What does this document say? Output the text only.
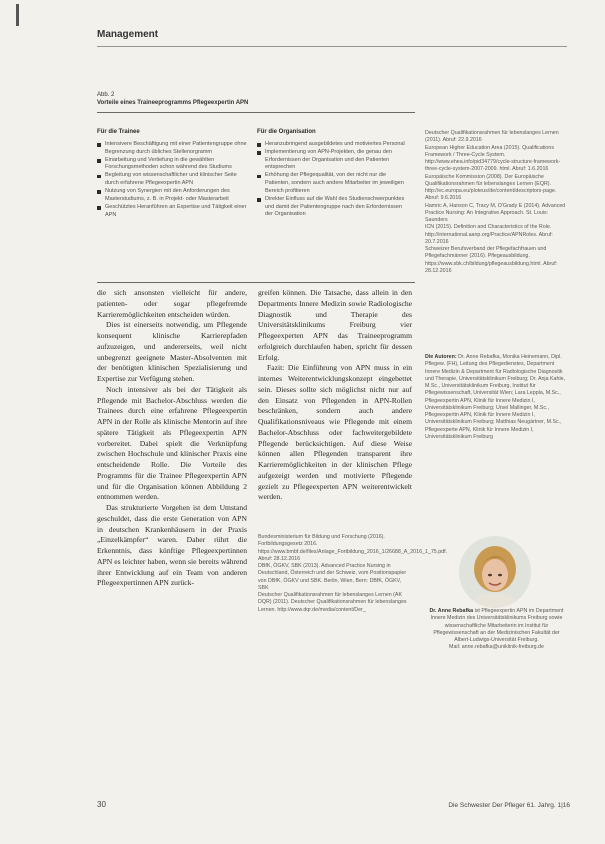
Management
Abb. 2
Vorteile eines Traineeprogramms Pflegeexpertin APN
Für die Trainee
Intensivere Beschäftigung mit einer Patientengruppe ohne Begrenzung durch übliches Stellenorgramm
Einarbeitung und Vertiefung in die gewählten Forschungsmethoden schon während des Studiums
Begleitung von wissenschaftlicher und klinischer Seite durch erfahrene Pflegeexpertin APN
Nutzung von Synergien mit den Anforderungen des Masterstudiums, z. B. in Projekt- oder Masterarbeit
Geschütztes Heranführen an Expertise und Tätigkeit einer APN
Für die Organisation
Heranzubringend ausgebildetes und motiviertes Personal
Implementierung von APN-Projekten, die genau den Erfordernissen der Organisation und den Patienten entsprechen
Erhöhung der Pflegequalität, von der nicht nur die Patienten, sondern auch andere Mitarbeiter im jeweiligen Bereich profitieren
Direkter Einfluss auf die Wahl des Studienschwerpunktes und damit der Patientengruppe nach den Erfordernissen der Organisation

die sich ansonsten vielleicht für andere, patienten- oder sogar pflegefremde Karrieremöglichkeiten entscheiden würden.

Dies ist einerseits notwendig, um Pflegende konsequent klinische Karrierepfaden aufzuzeigen, und andererseits, weil nicht unbegrenzt geeignete Master-Absolventen mit der benötigten klinischen Spezialisierung und Expertise zur Verfügung stehen.

Noch intensiver als bei der Tätigkeit als Pflegende mit Bachelor-Abschluss werden die Trainees durch eine erfahrene Pflegeexpertin APN in der Rolle als klinische Mentorin auf ihre spätere Tätigkeit als Pflegeexpertin APN vorbereitet. Dabei spielt die Verknüpfung zwischen Hochschule und klinischer Praxis eine entscheidende Rolle. Die Vorteile des Programms für die Trainee Pflegeexpertin APN und für die Organisation können Abbildung 2 entnommen werden.

Das strukturierte Vorgehen ist dem Umstand geschuldet, dass die erste Generation von APN in deutschen Krankenhäusern in der Praxis „Einzelkämpfer“ waren. Daher rührt die Erkenntnis, dass künftige Pflegeexpertinnen APN es leichter haben, wenn sie bereits während ihrer Entwicklung auf ein Team von anderen Pflegeexpertinnen APN zurück-

greifen können. Die Tatsache, dass allein in den Departments Innere Medizin sowie Radiologische Diagnostik und Therapie des Universitätsklinikums Freiburg vier Pflegeexperten APN das Traineeprogramm erfolgreich durchlaufen haben, spricht für dessen Erfolg.

Fazit: Die Einführung von APN muss in ein internes Weiterentwicklungskonzept eingebettet sein. Dieses sollte sich möglichst nicht nur auf den Einsatz von Pflegenden in APN-Rollen beschränken, sondern auch andere Qualifikationsniveaus wie Pflegende mit einem Bachelor-Abschluss oder fachweitergebildete Pflegende berücksichtigen. Auf diese Weise können allen Pflegenden transparent ihre Karrieremöglichkeiten in der klinischen Pflege aufgezeigt werden und motivierte Pflegende gezielt zu Pflegeexperten APN weiterentwickelt werden.

Bundesministerium für Bildung und Forschung (2016). Fortbildungsgesetz 2016. https://www.bmbf.de/files/Anlage_Fortbildung_2016_1/26688_A_2016_1_75.pdf. Abruf: 28.12.2016

DBfK, ÖGKV, SBK (2013). Advanced Practice Nursing in Deutschland, Österreich und der Schweiz, vom Positionspapier von DBfK, ÖGKV und SBK. Berlin, Wien, Bern: DBfK, ÖGKV, SBK

Deutscher Qualifikationsrahmen für lebenslanges Lernen (AK DQR) (2011). Deutscher Qualifikationsrahmen für lebenslanges Lernen. http://www.dqr.de/media/content/Der_

Deutscher Qualifikationsrahmen für lebenslanges Lernen (2011). Abruf: 22.9.2016

European Higher Education Area (2015). Qualifications Framework / Three-Cycle System. http://www.ehea.info/pid34779/cycle-structure-framework-three-cycle-system-2007-2009. html. Abruf: 1.6.2016

Europäische Kommission (2008). Der Europäische Qualifikationsrahmen für lebenslanges Lernen (EQR). http://ec.europa.eu/ploteus/de/content/descriptors-page. Abruf: 9.6.2016

Hamric A, Hanson C, Tracy M, O'Grady E (2014). Advanced Practice Nursing: An Integrative Approach. St. Louis: Saunders

ICN (2015). Definition and Characteristics of the Role. http://international.aanp.org/Practice/APNRoles. Abruf: 20.7.2016

Schweizer Berufsverband der Pflegefachfrauen und Pflegefachmänner (2016). Pflegeausbildung. https://www.sbk.ch/bildung/pflegeausbildung.html. Abruf: 28.12.2016

Die Autoren: Dr. Anne Rebafka, Monika Heinemann, Dipl. Pflegew. (FH), Leitung des Pflegedienstes, Department Innere Medizin & Department für Radiologische Diagnostik und Therapie, Universitätsklinikum Freiburg; Dr. Anja Kahle, M.Sc., Universitätsklinikum Freiburg, Institut für Pflegewissenschaft, Universität Wien; Lara Leppla, M.Sc., Pflegeexpertin APN, Klinik für Innere Medizin I, Universitätsklinikum Freiburg; Ursel Mallinger, M.Sc., Pflegeexpertin APN, Klinik für Innere Medizin I, Universitätsklinikum Freiburg; Matthias Neugärtner, M.Sc., Pflegeexperte APN, Klinik für Innere Medizin I, Universitätsklinikum Freiburg
Dr. Anne Rebafka ist Pflegeexpertin APN im Department Innere Medizin des Universitätsklinikums Freiburg sowie wissenschaftliche Mitarbeiterin im Institut für Pflegewissenschaft an der Medizinischen Fakultät der Albert-Ludwigs-Universität Freiburg.
Mail: anne.rebafka@uniklinik-freiburg.de
30	Die Schwester Der Pfleger 61. Jahrg. 1|16
